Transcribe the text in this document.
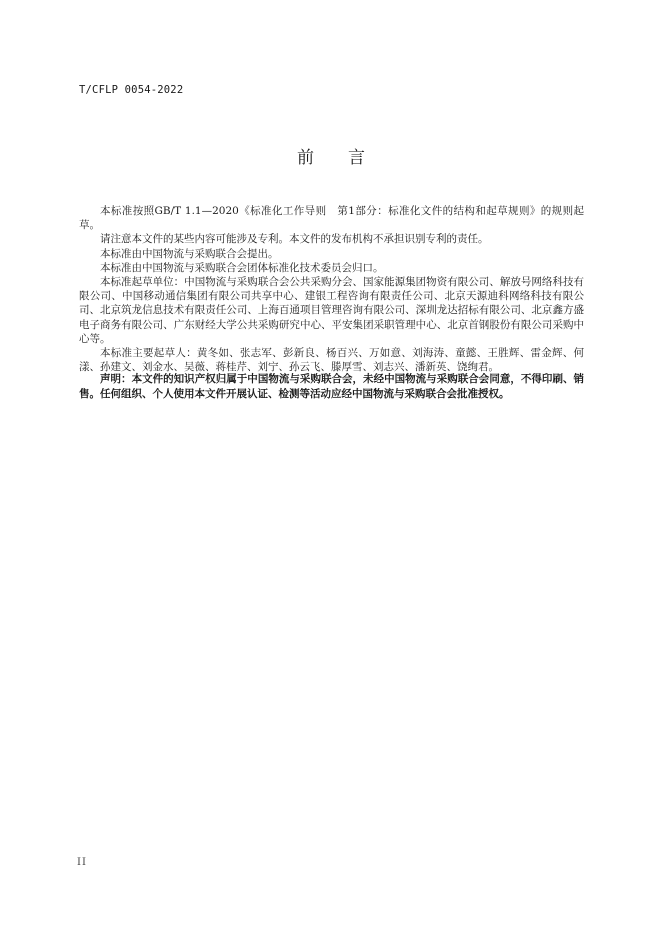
T/CFLP 0054-2022
前 言

本标准按照GB/T 1.1—2020《标准化工作导则　第1部分：标准化文件的结构和起草规则》的规则起草。

请注意本文件的某些内容可能涉及专利。本文件的发布机构不承担识别专利的责任。

本标准由中国物流与采购联合会提出。

本标准由中国物流与采购联合会团体标准化技术委员会归口。

本标准起草单位：中国物流与采购联合会公共采购分会、国家能源集团物资有限公司、解放号网络科技有限公司、中国移动通信集团有限公司共享中心、建银工程咨询有限责任公司、北京天源迪科网络科技有限公司、北京筑龙信息技术有限责任公司、上海百通项目管理咨询有限公司、深圳龙达招标有限公司、北京鑫方盛电子商务有限公司、广东财经大学公共采购研究中心、平安集团采职管理中心、北京首钢股份有限公司采购中心等。

本标准主要起草人：黄冬如、张志军、彭新良、杨百兴、万如意、刘海涛、童懿、王胜辉、雷金辉、何漾、孙建文、刘金水、吴薇、蒋桂芹、刘宁、孙云飞、滕厚雪、刘志兴、潘新英、饶绚君。

声明：本文件的知识产权归属于中国物流与采购联合会，未经中国物流与采购联合会同意，不得印刷、销售。任何组织、个人使用本文件开展认证、检测等活动应经中国物流与采购联合会批准授权。

II
